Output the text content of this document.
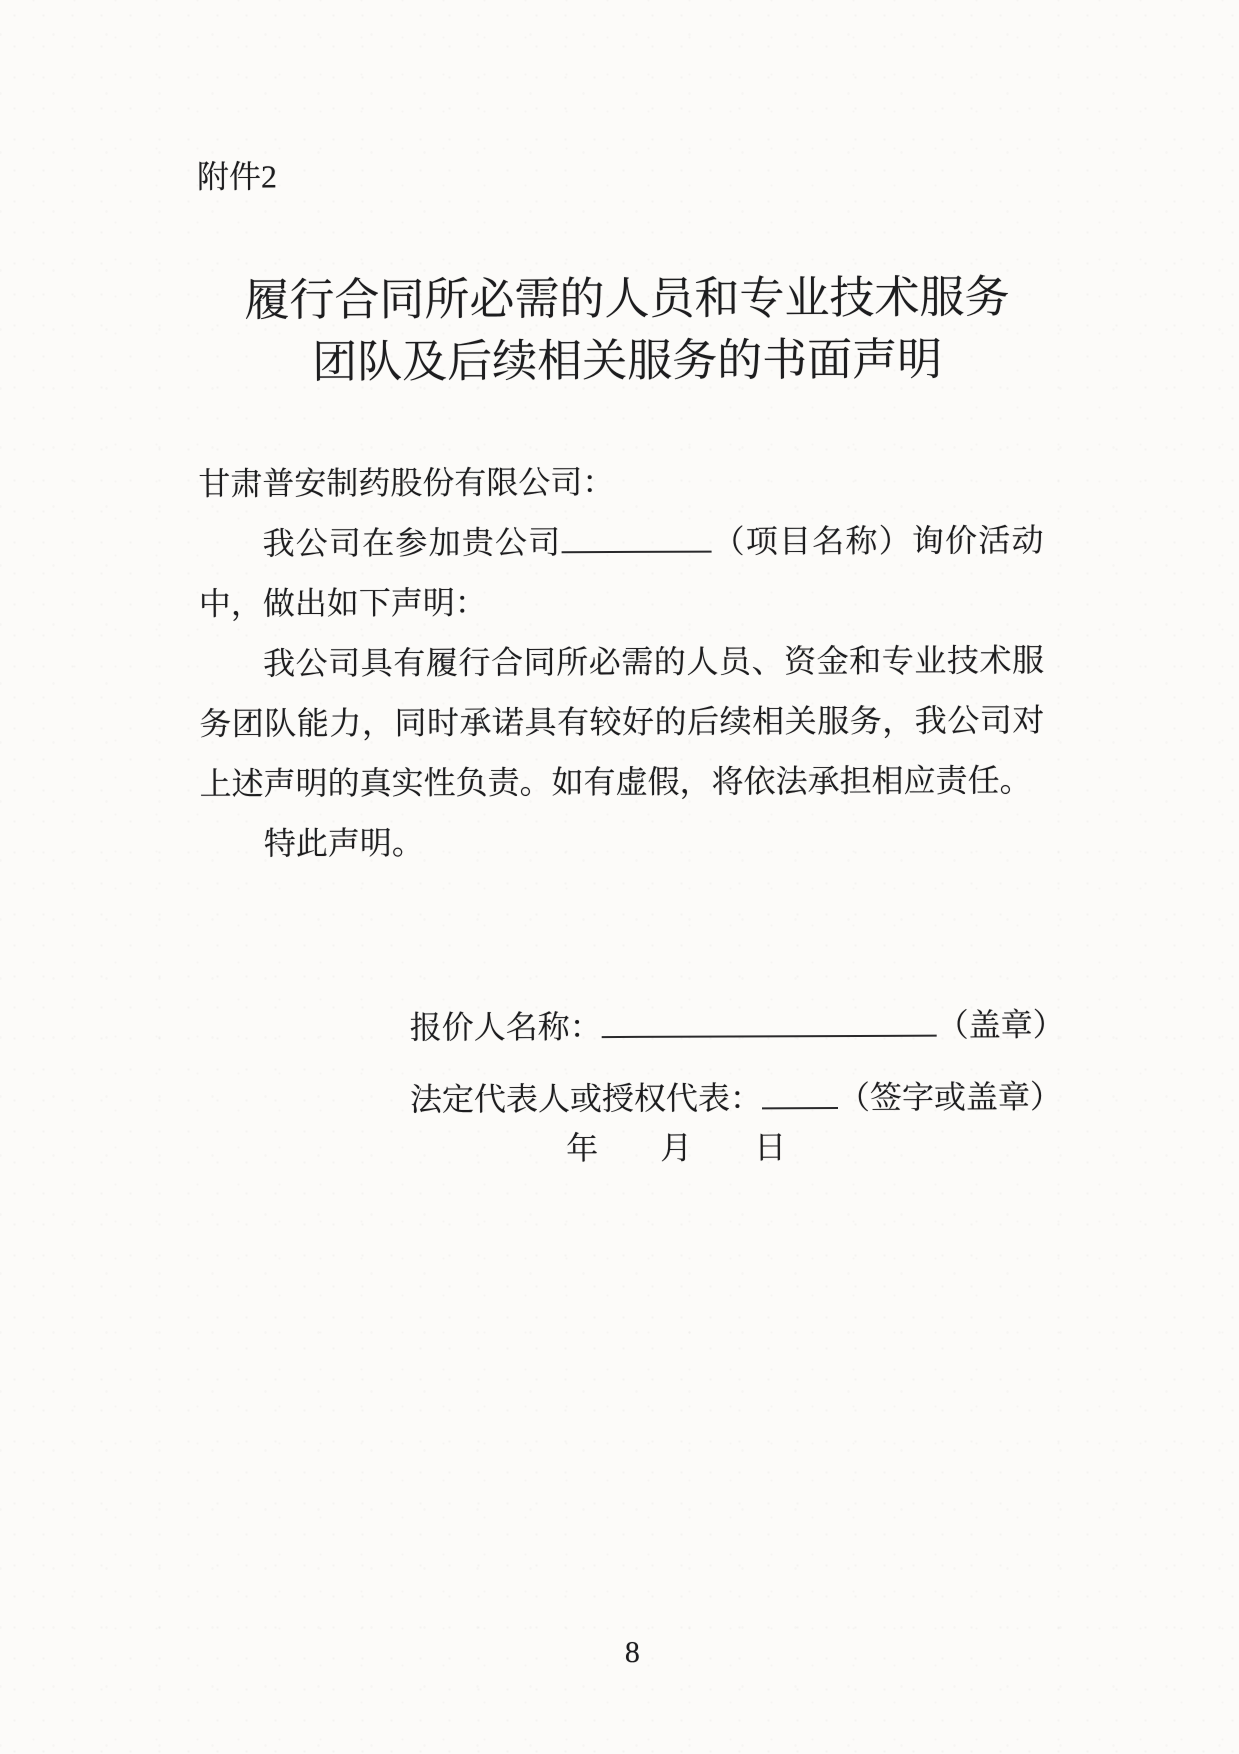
附件2
履行合同所必需的人员和专业技术服务
团队及后续相关服务的书面声明

甘肃普安制药股份有限公司：

我公司在参加贵公司	（项目名称）询价活动中，做出如下声明：

我公司具有履行合同所必需的人员、资金和专业技术服务团队能力，同时承诺具有较好的后续相关服务，我公司对上述声明的真实性负责。如有虚假，将依法承担相应责任。

特此声明。

报价人名称：	（盖章）
法定代表人或授权代表： （签字或盖章）
年 月 日
8
